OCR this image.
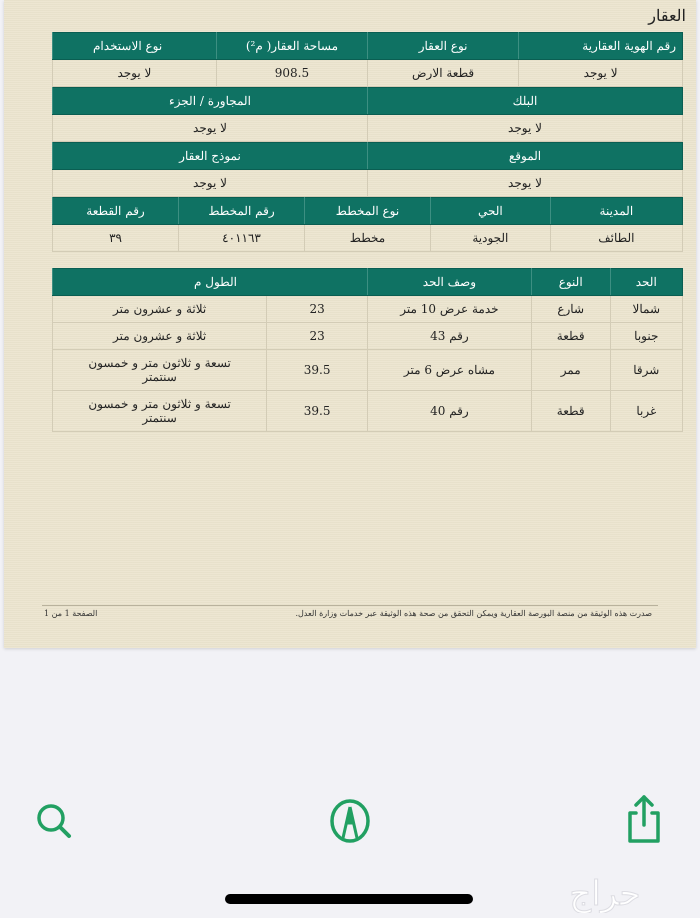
العقار
رقم الهوية العقارية	نوع العقار	مساحة العقار( م²)	نوع الاستخدام
لا يوجد	قطعة الارض	908.5	لا يوجد
البلك	المجاورة / الجزء
لا يوجد	لا يوجد
الموقع	نموذج العقار
لا يوجد	لا يوجد
المدينة	الحي	نوع المخطط	رقم المخطط	رقم القطعة
الطائف	الجودية	مخطط	٤٠١١٦٣	٣٩
الحد	النوع	وصف الحد	الطول م	
شمالا	شارع	خدمة عرض 10 متر	23	ثلاثة و عشرون متر
جنوبا	قطعة	رقم 43	23	ثلاثة و عشرون متر
شرقا	ممر	مشاه عرض 6 متر	39.5	تسعة و ثلاثون متر و خمسون سنتمتر
غربا	قطعة	رقم 40	39.5	تسعة و ثلاثون متر و خمسون سنتمتر
صدرت هذه الوثيقة من منصة البورصة العقارية ويمكن التحقق من صحة هذه الوثيقة عبر خدمات وزارة العدل.
الصفحة 1 من 1
حراج
